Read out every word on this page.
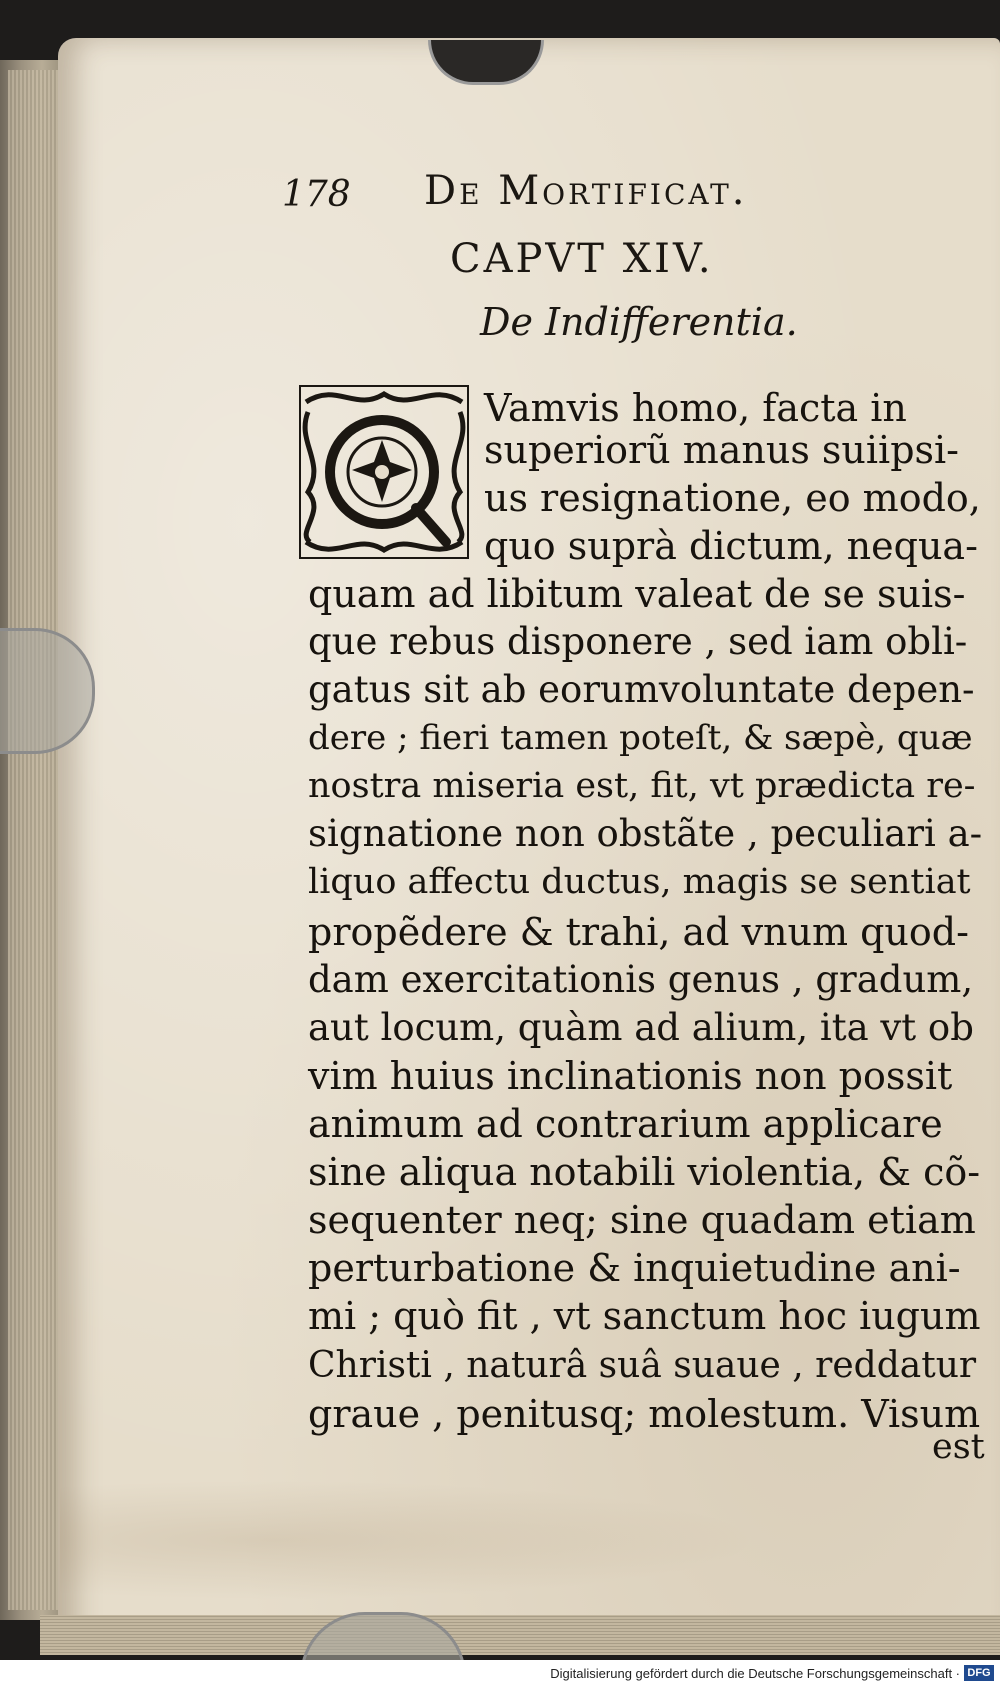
178 De Mortificat.
CAPVT XIV.
De Indifferentia.
Vamvis homo, facta in
superiorũ manus suiipsi-
us resignatione, eo modo,
quo suprà dictum, nequa-
quam ad libitum valeat de se suis-
que rebus disponere , sed iam obli-
gatus sit ab eorumvoluntate depen-
dere ; fieri tamen poteſt, & sæpè, quæ
nostra miseria est, fit, vt prædicta re-
signatione non obstãte , peculiari a-
liquo affectu ductus, magis se sentiat
propẽdere & trahi, ad vnum quod-
dam exercitationis genus , gradum,
aut locum, quàm ad alium, ita vt ob
vim huius inclinationis non possit
animum ad contrarium applicare
sine aliqua notabili violentia, & cõ-
sequenter neq; sine quadam etiam
perturbatione & inquietudine ani-
mi ; quò fit , vt sanctum hoc iugum
Christi , naturâ suâ suaue , reddatur
graue , penitusq; molestum. Visum
est
Digitalisierung gefördert durch die Deutsche Forschungsgemeinschaft · DFG
